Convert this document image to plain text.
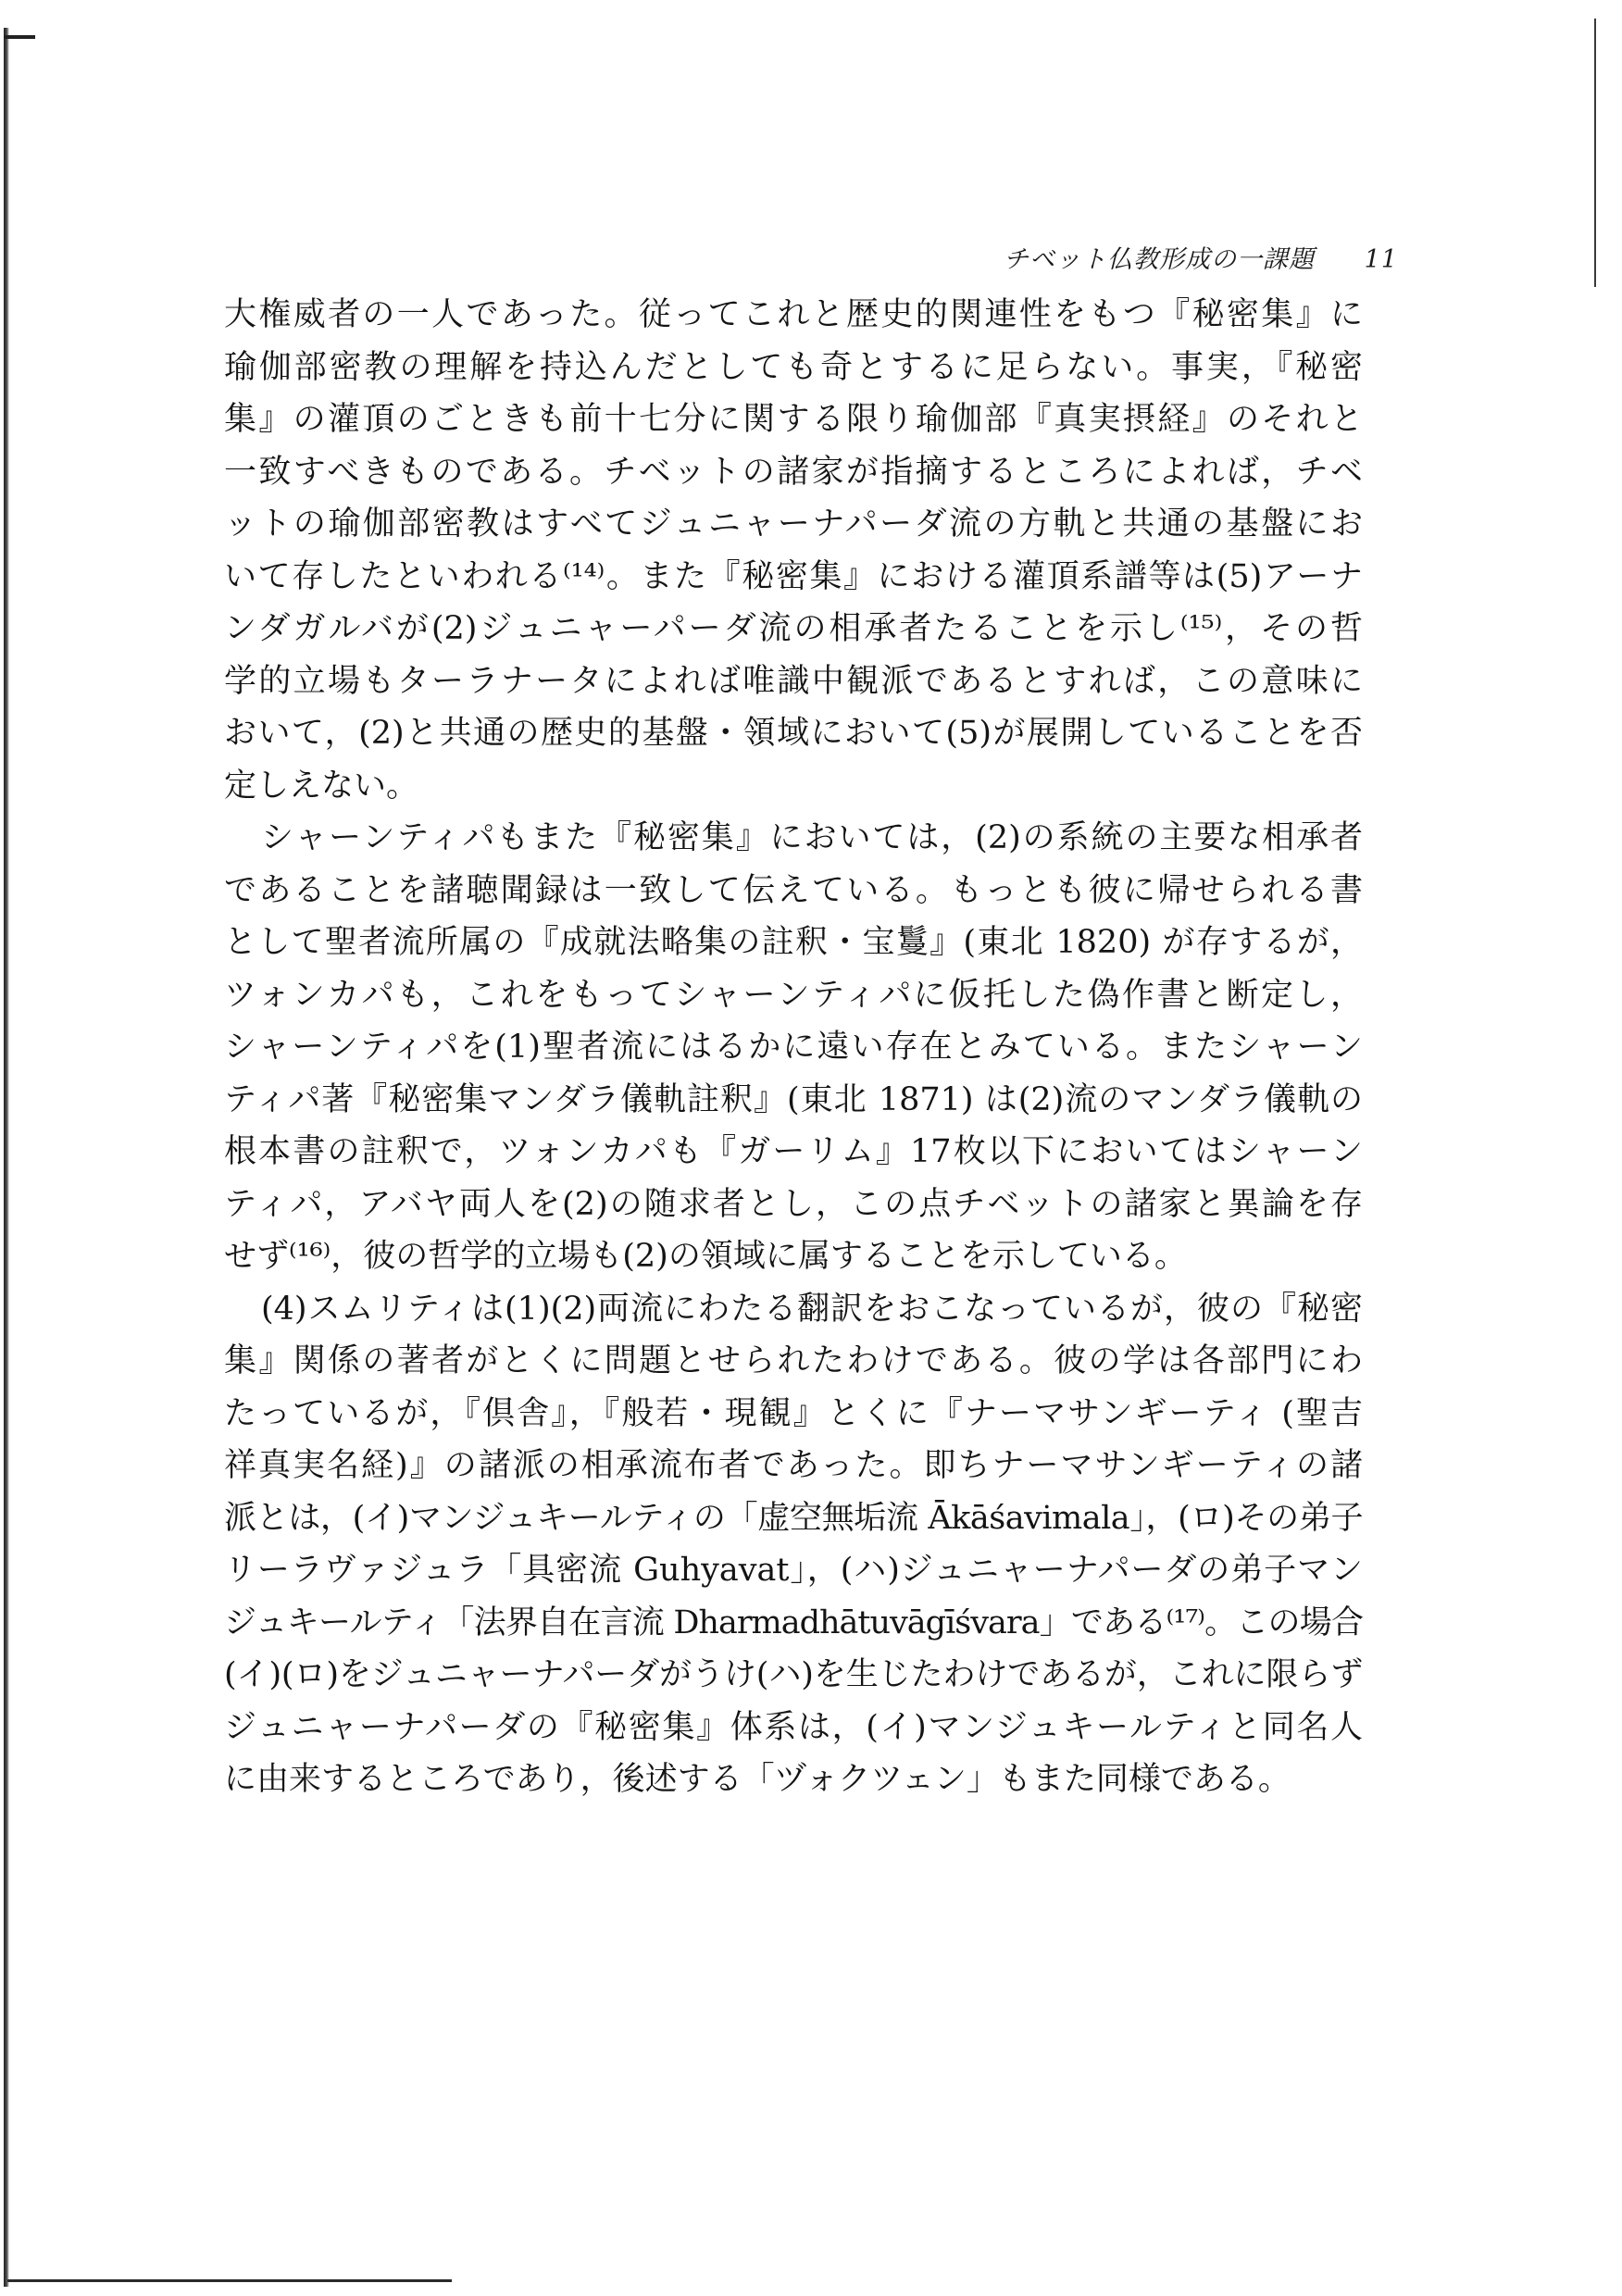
チベット仏教形成の一課題 11
大権威者の一人であった。従ってこれと歴史的関連性をもつ『秘密集』に
瑜伽部密教の理解を持込んだとしても奇とするに足らない。事実，『秘密
集』の灌頂のごときも前十七分に関する限り瑜伽部『真実摂経』のそれと
一致すべきものである。チベットの諸家が指摘するところによれば，チベ
ットの瑜伽部密教はすべてジュニャーナパーダ流の方軌と共通の基盤にお
いて存したといわれる⁽¹⁴⁾。また『秘密集』における灌頂系譜等は(5)アーナ
ンダガルバが(2)ジュニャーパーダ流の相承者たることを示し⁽¹⁵⁾，その哲
学的立場もターラナータによれば唯識中観派であるとすれば，この意味に
おいて，(2)と共通の歴史的基盤・領域において(5)が展開していることを否
定しえない。
シャーンティパもまた『秘密集』においては，(2)の系統の主要な相承者
であることを諸聴聞録は一致して伝えている。もっとも彼に帰せられる書
として聖者流所属の『成就法略集の註釈・宝鬘』(東北 1820) が存するが，
ツォンカパも，これをもってシャーンティパに仮托した偽作書と断定し，
シャーンティパを(1)聖者流にはるかに遠い存在とみている。またシャーン
ティパ著『秘密集マンダラ儀軌註釈』(東北 1871) は(2)流のマンダラ儀軌の
根本書の註釈で，ツォンカパも『ガーリム』17枚以下においてはシャーン
ティパ，アバヤ両人を(2)の随求者とし，この点チベットの諸家と異論を存
せず⁽¹⁶⁾，彼の哲学的立場も(2)の領域に属することを示している。
(4)スムリティは(1)(2)両流にわたる翻訳をおこなっているが，彼の『秘密
集』関係の著者がとくに問題とせられたわけである。彼の学は各部門にわ
たっているが，『倶舎』，『般若・現観』とくに『ナーマサンギーティ (聖吉
祥真実名経)』の諸派の相承流布者であった。即ちナーマサンギーティの諸
派とは，(イ)マンジュキールティの「虚空無垢流 Ākāśavimala」，(ロ)その弟子
リーラヴァジュラ「具密流 Guhyavat」，(ハ)ジュニャーナパーダの弟子マン
ジュキールティ「法界自在言流 Dharmadhātuvāgīśvara」である⁽¹⁷⁾。この場合
(イ)(ロ)をジュニャーナパーダがうけ(ハ)を生じたわけであるが，これに限らず
ジュニャーナパーダの『秘密集』体系は，(イ)マンジュキールティと同名人
に由来するところであり，後述する「ヅォクツェン」もまた同様である。
